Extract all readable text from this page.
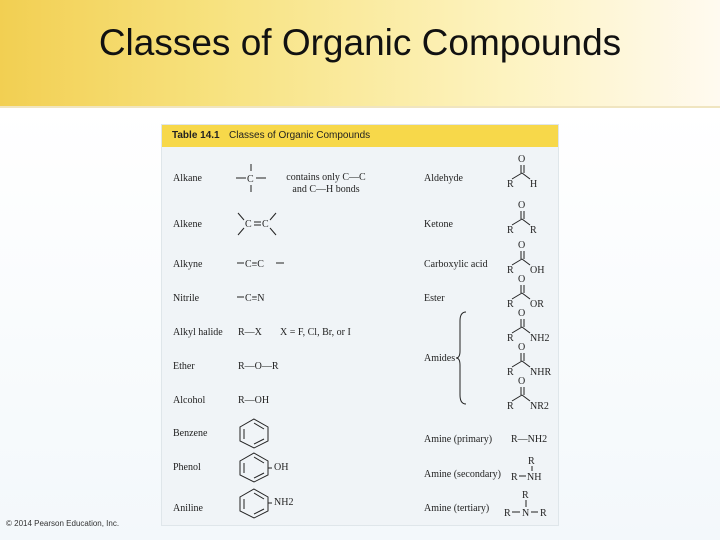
Classes of Organic Compounds
Table 14.1 Classes of Organic Compounds
Alkane
Alkene
Alkyne
Nitrile
Alkyl halide
Ether
Alcohol
Benzene
Phenol
Aniline
C	contains only C—C
and C—H bonds
C C
C≡C
C≡N
R—X X = F, Cl, Br, or I
R—O—R
R—OH
OH
NH2
Aldehyde
Ketone
Carboxylic acid
Ester
Amides
Amine (primary)
Amine (secondary)
Amine (tertiary)
O
R H
O
R R
O
R OH
O
R OR
O
R NH2
O
R NHR
O
R NR2
R—NH2
R
R NH
R
R N R
© 2014 Pearson Education, Inc.
